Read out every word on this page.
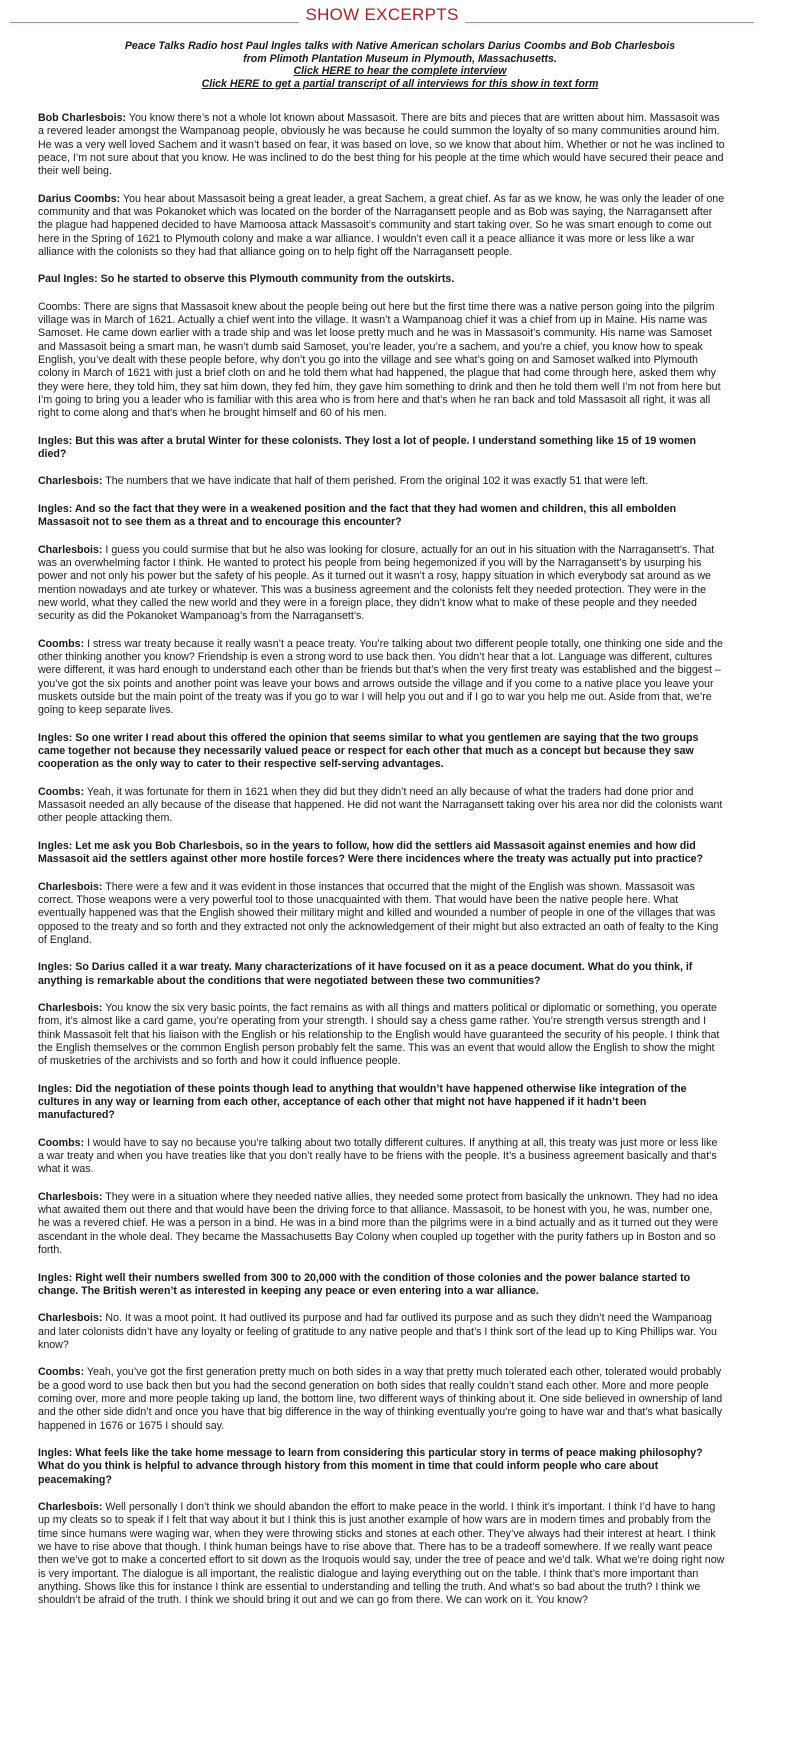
SHOW EXCERPTS
Peace Talks Radio host Paul Ingles talks with Native American scholars Darius Coombs and Bob Charlesbois
from Plimoth Plantation Museum in Plymouth, Massachusetts.
Click HERE to hear the complete interview
Click HERE to get a partial transcript of all interviews for this show in text form

Bob Charlesbois: You know there’s not a whole lot known about Massasoit. There are bits and pieces that are written about him. Massasoit was a revered leader amongst the Wampanoag people, obviously he was because he could summon the loyalty of so many communities around him. He was a very well loved Sachem and it wasn’t based on fear, it was based on love, so we know that about him. Whether or not he was inclined to peace, I’m not sure about that you know. He was inclined to do the best thing for his people at the time which would have secured their peace and their well being.

Darius Coombs: You hear about Massasoit being a great leader, a great Sachem, a great chief. As far as we know, he was only the leader of one community and that was Pokanoket which was located on the border of the Narragansett people and as Bob was saying, the Narragansett after the plague had happened decided to have Mamoosa attack Massasoit’s community and start taking over. So he was smart enough to come out here in the Spring of 1621 to Plymouth colony and make a war alliance. I wouldn’t even call it a peace alliance it was more or less like a war alliance with the colonists so they had that alliance going on to help fight off the Narragansett people.

Paul Ingles: So he started to observe this Plymouth community from the outskirts.

Coombs: There are signs that Massasoit knew about the people being out here but the first time there was a native person going into the pilgrim village was in March of 1621. Actually a chief went into the village. It wasn’t a Wampanoag chief it was a chief from up in Maine. His name was Samoset. He came down earlier with a trade ship and was let loose pretty much and he was in Massasoit’s community. His name was Samoset and Massasoit being a smart man, he wasn’t dumb said Samoset, you’re leader, you’re a sachem, and you’re a chief, you know how to speak English, you’ve dealt with these people before, why don’t you go into the village and see what’s going on and Samoset walked into Plymouth colony in March of 1621 with just a brief cloth on and he told them what had happened, the plague that had come through here, asked them why they were here, they told him, they sat him down, they fed him, they gave him something to drink and then he told them well I’m not from here but I’m going to bring you a leader who is familiar with this area who is from here and that’s when he ran back and told Massasoit all right, it was all right to come along and that’s when he brought himself and 60 of his men.

Ingles: But this was after a brutal Winter for these colonists. They lost a lot of people. I understand something like 15 of 19 women died?

Charlesbois: The numbers that we have indicate that half of them perished. From the original 102 it was exactly 51 that were left.

Ingles: And so the fact that they were in a weakened position and the fact that they had women and children, this all embolden Massasoit not to see them as a threat and to encourage this encounter?

Charlesbois: I guess you could surmise that but he also was looking for closure, actually for an out in his situation with the Narragansett’s. That was an overwhelming factor I think. He wanted to protect his people from being hegemonized if you will by the Narragansett’s by usurping his power and not only his power but the safety of his people. As it turned out it wasn’t a rosy, happy situation in which everybody sat around as we mention nowadays and ate turkey or whatever. This was a business agreement and the colonists felt they needed protection. They were in the new world, what they called the new world and they were in a foreign place, they didn’t know what to make of these people and they needed security as did the Pokanoket Wampanoag’s from the Narragansett’s.

Coombs: I stress war treaty because it really wasn’t a peace treaty. You’re talking about two different people totally, one thinking one side and the other thinking another you know? Friendship is even a strong word to use back then. You didn’t hear that a lot. Language was different, cultures were different, it was hard enough to understand each other than be friends but that’s when the very first treaty was established and the biggest – you’ve got the six points and another point was leave your bows and arrows outside the village and if you come to a native place you leave your muskets outside but the main point of the treaty was if you go to war I will help you out and if I go to war you help me out. Aside from that, we’re going to keep separate lives.

Ingles: So one writer I read about this offered the opinion that seems similar to what you gentlemen are saying that the two groups came together not because they necessarily valued peace or respect for each other that much as a concept but because they saw cooperation as the only way to cater to their respective self-serving advantages.

Coombs: Yeah, it was fortunate for them in 1621 when they did but they didn’t need an ally because of what the traders had done prior and Massasoit needed an ally because of the disease that happened. He did not want the Narragansett taking over his area nor did the colonists want other people attacking them.

Ingles: Let me ask you Bob Charlesbois, so in the years to follow, how did the settlers aid Massasoit against enemies and how did Massasoit aid the settlers against other more hostile forces? Were there incidences where the treaty was actually put into practice?

Charlesbois: There were a few and it was evident in those instances that occurred that the might of the English was shown. Massasoit was correct. Those weapons were a very powerful tool to those unacquainted with them. That would have been the native people here. What eventually happened was that the English showed their military might and killed and wounded a number of people in one of the villages that was opposed to the treaty and so forth and they extracted not only the acknowledgement of their might but also extracted an oath of fealty to the King of England.

Ingles: So Darius called it a war treaty. Many characterizations of it have focused on it as a peace document. What do you think, if anything is remarkable about the conditions that were negotiated between these two communities?

Charlesbois: You know the six very basic points, the fact remains as with all things and matters political or diplomatic or something, you operate from, it’s almost like a card game, you’re operating from your strength. I should say a chess game rather. You’re strength versus strength and I think Massasoit felt that his liaison with the English or his relationship to the English would have guaranteed the security of his people. I think that the English themselves or the common English person probably felt the same. This was an event that would allow the English to show the might of musketries of the archivists and so forth and how it could influence people.

Ingles: Did the negotiation of these points though lead to anything that wouldn’t have happened otherwise like integration of the cultures in any way or learning from each other, acceptance of each other that might not have happened if it hadn’t been manufactured?

Coombs: I would have to say no because you’re talking about two totally different cultures. If anything at all, this treaty was just more or less like a war treaty and when you have treaties like that you don’t really have to be friens with the people. It’s a business agreement basically and that’s what it was.

Charlesbois: They were in a situation where they needed native allies, they needed some protect from basically the unknown. They had no idea what awaited them out there and that would have been the driving force to that alliance. Massasoit, to be honest with you, he was, number one, he was a revered chief. He was a person in a bind. He was in a bind more than the pilgrims were in a bind actually and as it turned out they were ascendant in the whole deal. They became the Massachusetts Bay Colony when coupled up together with the purity fathers up in Boston and so forth.

Ingles: Right well their numbers swelled from 300 to 20,000 with the condition of those colonies and the power balance started to change. The British weren’t as interested in keeping any peace or even entering into a war alliance.

Charlesbois: No. It was a moot point. It had outlived its purpose and had far outlived its purpose and as such they didn’t need the Wampanoag and later colonists didn’t have any loyalty or feeling of gratitude to any native people and that’s I think sort of the lead up to King Phillips war. You know?

Coombs: Yeah, you’ve got the first generation pretty much on both sides in a way that pretty much tolerated each other, tolerated would probably be a good word to use back then but you had the second generation on both sides that really couldn’t stand each other. More and more people coming over, more and more people taking up land, the bottom line, two different ways of thinking about it. One side believed in ownership of land and the other side didn’t and once you have that big difference in the way of thinking eventually you’re going to have war and that’s what basically happened in 1676 or 1675 I should say.

Ingles: What feels like the take home message to learn from considering this particular story in terms of peace making philosophy? What do you think is helpful to advance through history from this moment in time that could inform people who care about peacemaking?

Charlesbois: Well personally I don’t think we should abandon the effort to make peace in the world. I think it’s important. I think I’d have to hang up my cleats so to speak if I felt that way about it but I think this is just another example of how wars are in modern times and probably from the time since humans were waging war, when they were throwing sticks and stones at each other. They’ve always had their interest at heart. I think we have to rise above that though. I think human beings have to rise above that. There has to be a tradeoff somewhere. If we really want peace then we’ve got to make a concerted effort to sit down as the Iroquois would say, under the tree of peace and we’d talk. What we’re doing right now is very important. The dialogue is all important, the realistic dialogue and laying everything out on the table. I think that’s more important than anything. Shows like this for instance I think are essential to understanding and telling the truth. And what’s so bad about the truth? I think we shouldn’t be afraid of the truth. I think we should bring it out and we can go from there. We can work on it. You know?
